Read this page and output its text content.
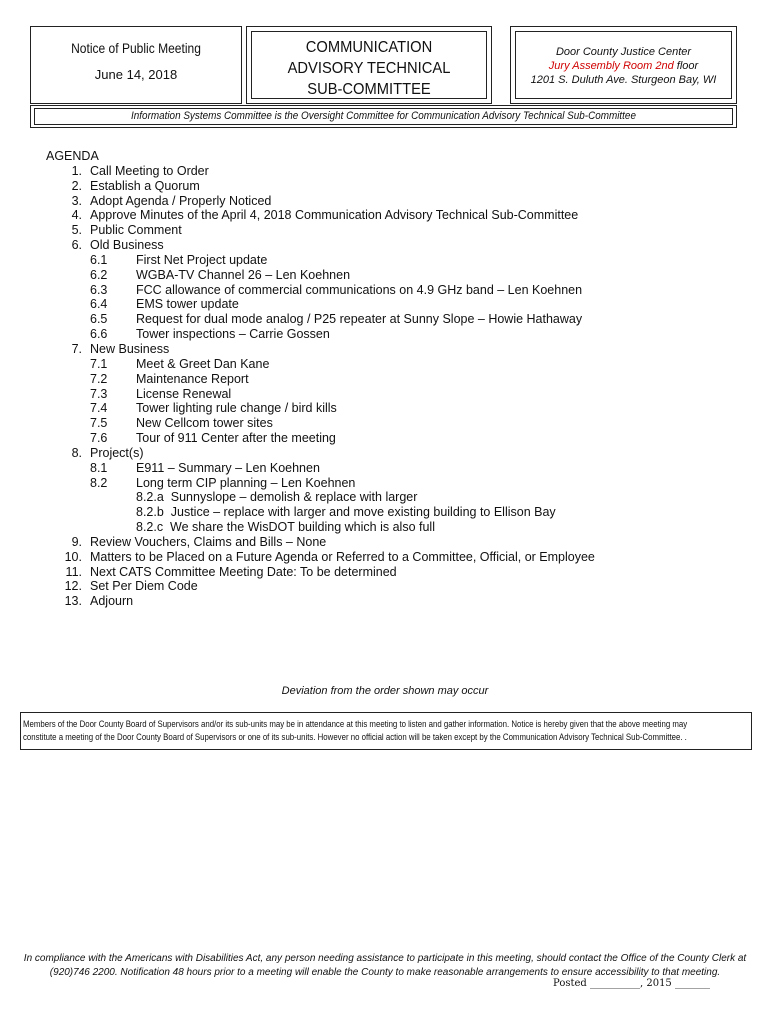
Notice of Public Meeting
June 14, 2018
COMMUNICATION
ADVISORY TECHNICAL
SUB-COMMITTEE
Door County Justice Center
Jury Assembly Room 2nd floor
1201 S. Duluth Ave. Sturgeon Bay, WI
Information Systems Committee is the Oversight Committee for Communication Advisory Technical Sub-Committee
AGENDA
1. Call Meeting to Order
2. Establish a Quorum
3. Adopt Agenda / Properly Noticed
4. Approve Minutes of the April 4, 2018 Communication Advisory Technical Sub-Committee
5. Public Comment
6. Old Business
6.1 First Net Project update
6.2 WGBA-TV Channel 26 – Len Koehnen
6.3 FCC allowance of commercial communications on 4.9 GHz band – Len Koehnen
6.4 EMS tower update
6.5 Request for dual mode analog / P25 repeater at Sunny Slope – Howie Hathaway
6.6 Tower inspections – Carrie Gossen
7. New Business
7.1 Meet & Greet Dan Kane
7.2 Maintenance Report
7.3 License Renewal
7.4 Tower lighting rule change / bird kills
7.5 New Cellcom tower sites
7.6 Tour of 911 Center after the meeting
8. Project(s)
8.1 E911 – Summary – Len Koehnen
8.2 Long term CIP planning – Len Koehnen
8.2.a  Sunnyslope – demolish & replace with larger
8.2.b  Justice – replace with larger and move existing building to Ellison Bay
8.2.c  We share the WisDOT building which is also full
9. Review Vouchers, Claims and Bills – None
10. Matters to be Placed on a Future Agenda or Referred to a Committee, Official, or Employee
11. Next CATS Committee Meeting Date: To be determined
12. Set Per Diem Code
13. Adjourn
Deviation from the order shown may occur
Members of the Door County Board of Supervisors and/or its sub-units may be in attendance at this meeting to listen and gather information. Notice is hereby given that the above meeting may
constitute a meeting of the Door County Board of Supervisors or one of its sub-units. However no official action will be taken except by the Communication Advisory Technical Sub-Committee. .
In compliance with the Americans with Disabilities Act, any person needing assistance to participate in this meeting, should contact the Office of the County Clerk at
(920)746 2200. Notification 48 hours prior to a meeting will enable the County to make reasonable arrangements to ensure accessibility to that meeting.
Posted __________, 2015 _______
